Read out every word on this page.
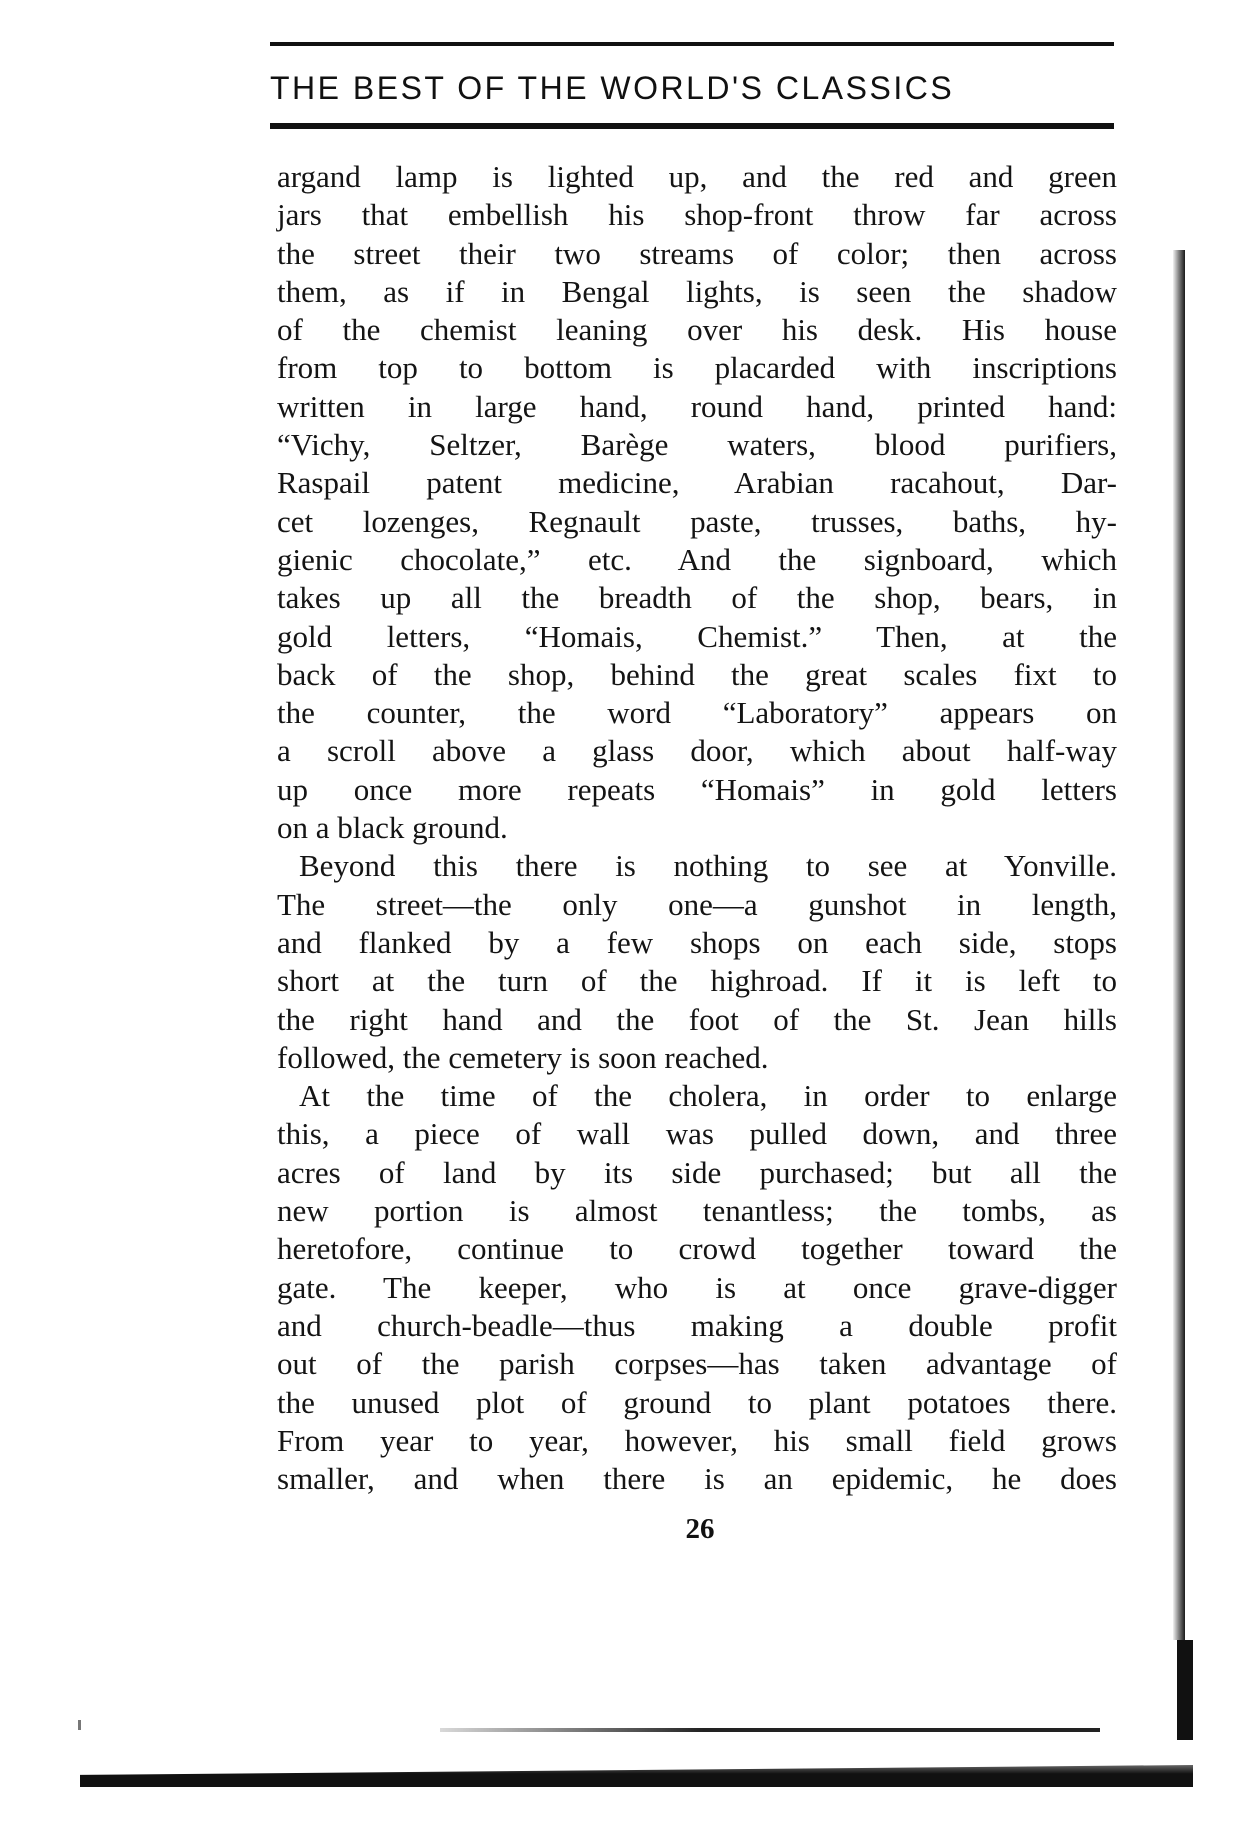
THE BEST OF THE WORLD'S CLASSICS
argand lamp is lighted up, and the red and green
jars that embellish his shop-front throw far across
the street their two streams of color; then across
them, as if in Bengal lights, is seen the shadow
of the chemist leaning over his desk. His house
from top to bottom is placarded with inscriptions
written in large hand, round hand, printed hand:
“Vichy, Seltzer, Barège waters, blood purifiers,
Raspail patent medicine, Arabian racahout, Dar-
cet lozenges, Regnault paste, trusses, baths, hy-
gienic chocolate,” etc. And the signboard, which
takes up all the breadth of the shop, bears, in
gold letters, “Homais, Chemist.” Then, at the
back of the shop, behind the great scales fixt to
the counter, the word “Laboratory” appears on
a scroll above a glass door, which about half-way
up once more repeats “Homais” in gold letters
on a black ground.
Beyond this there is nothing to see at Yonville.
The street—the only one—a gunshot in length,
and flanked by a few shops on each side, stops
short at the turn of the highroad. If it is left to
the right hand and the foot of the St. Jean hills
followed, the cemetery is soon reached.
At the time of the cholera, in order to enlarge
this, a piece of wall was pulled down, and three
acres of land by its side purchased; but all the
new portion is almost tenantless; the tombs, as
heretofore, continue to crowd together toward the
gate. The keeper, who is at once grave-digger
and church-beadle—thus making a double profit
out of the parish corpses—has taken advantage of
the unused plot of ground to plant potatoes there.
From year to year, however, his small field grows
smaller, and when there is an epidemic, he does
26
